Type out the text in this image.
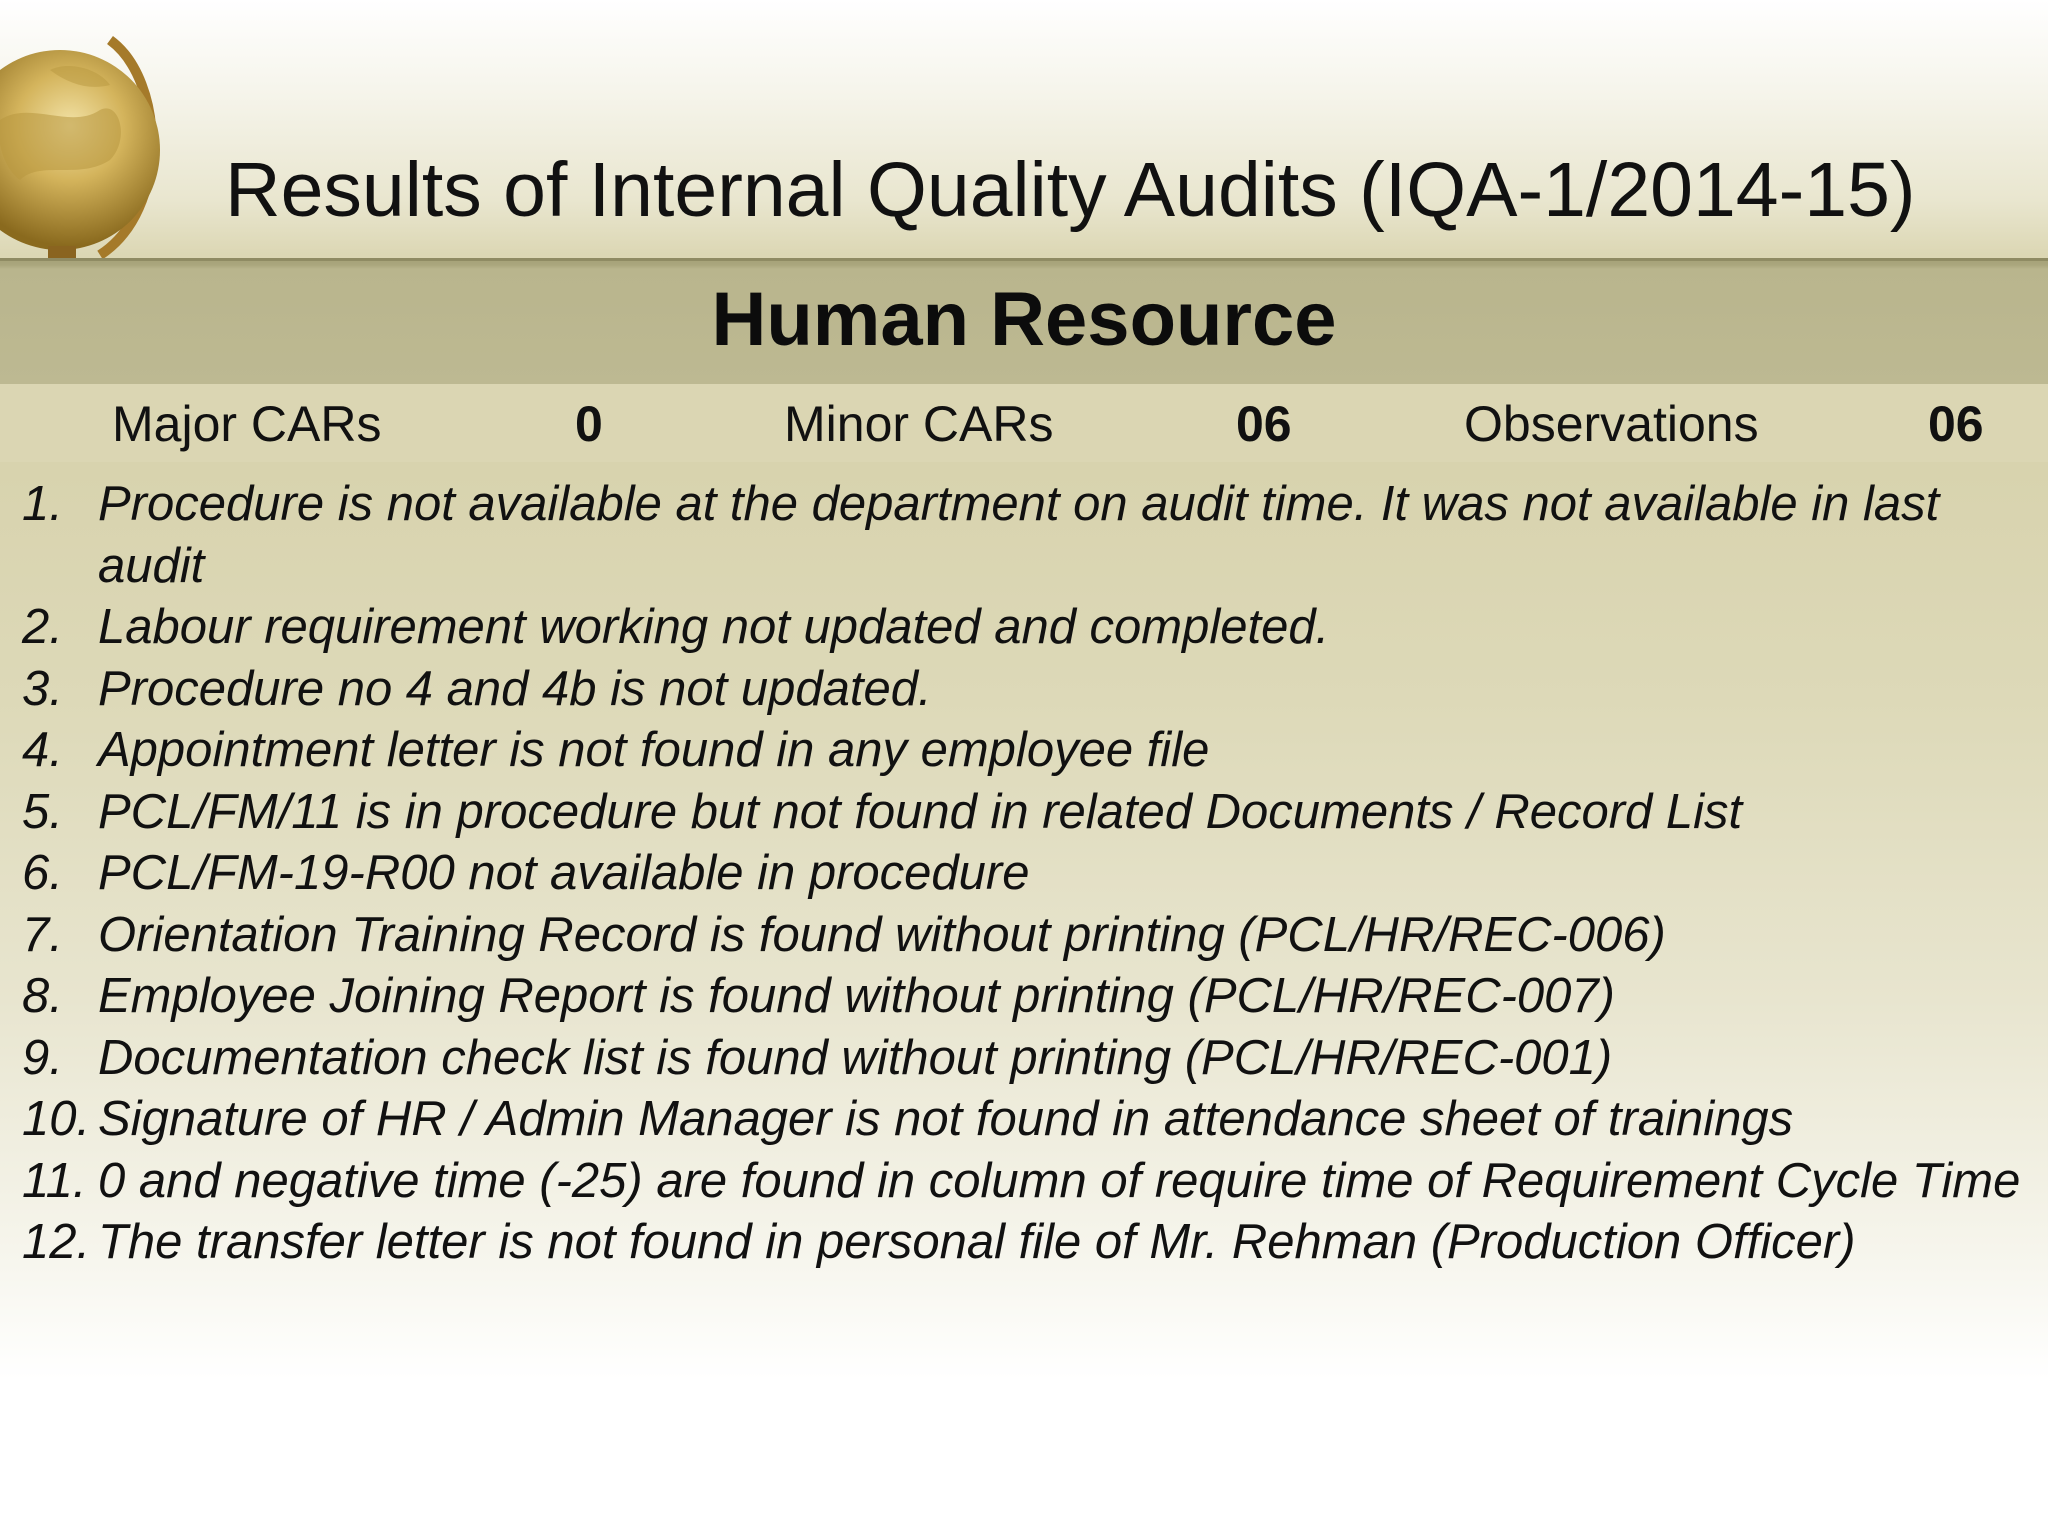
Results of Internal Quality Audits (IQA-1/2014-15)
Human Resource
Major CARs	0	Minor CARs	06	Observations	06
1. Procedure is not available at the department on audit time. It was not available in last audit
2. Labour requirement working not updated and completed.
3. Procedure no 4 and 4b is not updated.
4. Appointment letter is not found in any employee file
5. PCL/FM/11 is in procedure but not found in related Documents / Record List
6. PCL/FM-19-R00 not available in procedure
7. Orientation Training Record is found without printing (PCL/HR/REC-006)
8. Employee Joining Report is found without printing (PCL/HR/REC-007)
9. Documentation check list is found without printing (PCL/HR/REC-001)
10. Signature of HR / Admin Manager is not found in attendance sheet of trainings
11. 0 and negative time (-25) are found in column of require time of Requirement Cycle Time
12. The transfer letter is not found in personal file of Mr. Rehman (Production Officer)
